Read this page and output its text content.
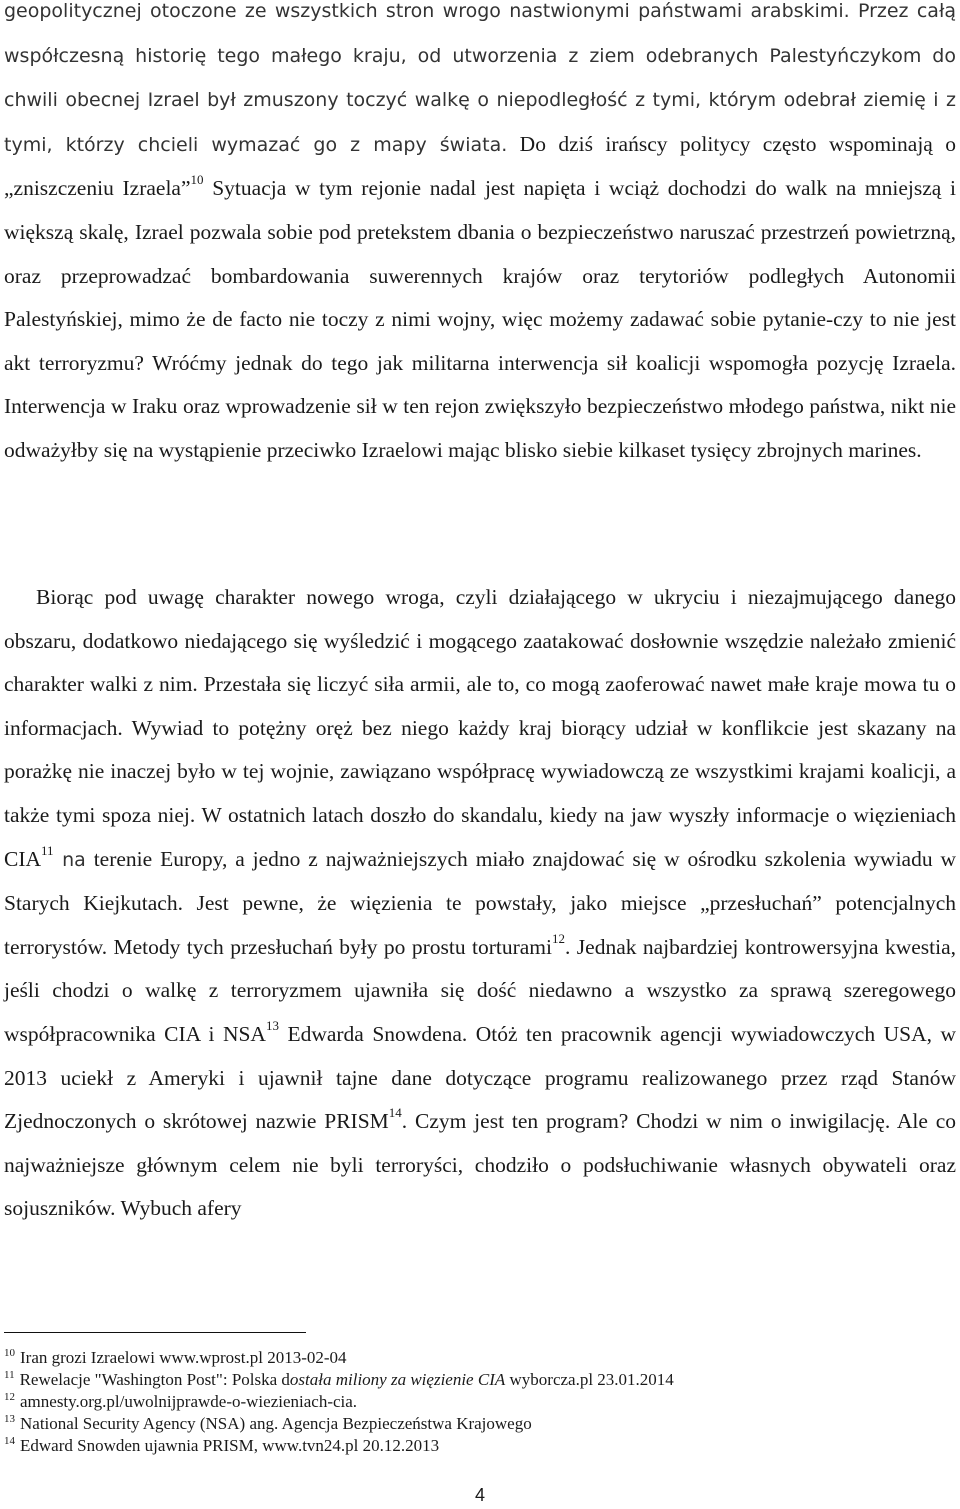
geopolitycznej otoczone ze wszystkich stron wrogo nastwionymi państwami arabskimi. Przez całą współczesną historię tego małego kraju, od utworzenia z ziem odebranych Palestyńczykom do chwili obecnej Izrael był zmuszony toczyć walkę o niepodległość z tymi, którym odebrał ziemię i z tymi, którzy chcieli wymazać go z mapy świata. Do dziś irańscy politycy często wspominają o „zniszczeniu Izraela”$^{10}$ Sytuacja w tym rejonie nadal jest napięta i wciąż dochodzi do walk na mniejszą i większą skalę, Izrael pozwala sobie pod pretekstem dbania o bezpieczeństwo naruszać przestrzeń powietrzną, oraz przeprowadzać bombardowania suwerennych krajów oraz terytoriów podległych Autonomii Palestyńskiej, mimo że de facto nie toczy z nimi wojny, więc możemy zadawać sobie pytanie-czy to nie jest akt terroryzmu? Wróćmy jednak do tego jak militarna interwencja sił koalicji wspomogła pozycję Izraela. Interwencja w Iraku oraz wprowadzenie sił w ten rejon zwiększyło bezpieczeństwo młodego państwa, nikt nie odważyłby się na wystąpienie przeciwko Izraelowi mając blisko siebie kilkaset tysięcy zbrojnych marines.

Biorąc pod uwagę charakter nowego wroga, czyli działającego w ukryciu i niezajmującego danego obszaru, dodatkowo niedającego się wyśledzić i mogącego zaatakować dosłownie wszędzie należało zmienić charakter walki z nim. Przestała się liczyć siła armii, ale to, co mogą zaoferować nawet małe kraje mowa tu o informacjach. Wywiad to potężny oręż bez niego każdy kraj biorący udział w konflikcie jest skazany na porażkę nie inaczej było w tej wojnie, zawiązano współpracę wywiadowczą ze wszystkimi krajami koalicji, a także tymi spoza niej. W ostatnich latach doszło do skandalu, kiedy na jaw wyszły informacje o więzieniach CIA$^{11}$ na terenie Europy, a jedno z najważniejszych miało znajdować się w ośrodku szkolenia wywiadu w Starych Kiejkutach. Jest pewne, że więzienia te powstały, jako miejsce „przesłuchań” potencjalnych terrorystów. Metody tych przesłuchań były po prostu torturami$^{12}$. Jednak najbardziej kontrowersyjna kwestia, jeśli chodzi o walkę z terroryzmem ujawniła się dość niedawno a wszystko za sprawą szeregowego współpracownika CIA i NSA$^{13}$ Edwarda Snowdena. Otóż ten pracownik agencji wywiadowczych USA, w 2013 uciekł z Ameryki i ujawnił tajne dane dotyczące programu realizowanego przez rząd Stanów Zjednoczonych o skrótowej nazwie PRISM$^{14}$. Czym jest ten program? Chodzi w nim o inwigilację. Ale co najważniejsze głównym celem nie byli terroryści, chodziło o podsłuchiwanie własnych obywateli oraz sojuszników. Wybuch afery

$^{10}$ Iran grozi Izraelowi www.wprost.pl 2013-02-04
$^{11}$ Rewelacje "Washington Post": Polska dostała miliony za więzienie CIA wyborcza.pl 23.01.2014
$^{12}$ amnesty.org.pl/uwolnijprawde-o-wiezieniach-cia.
$^{13}$ National Security Agency (NSA) ang. Agencja Bezpieczeństwa Krajowego
$^{14}$ Edward Snowden ujawnia PRISM, www.tvn24.pl 20.12.2013
4
